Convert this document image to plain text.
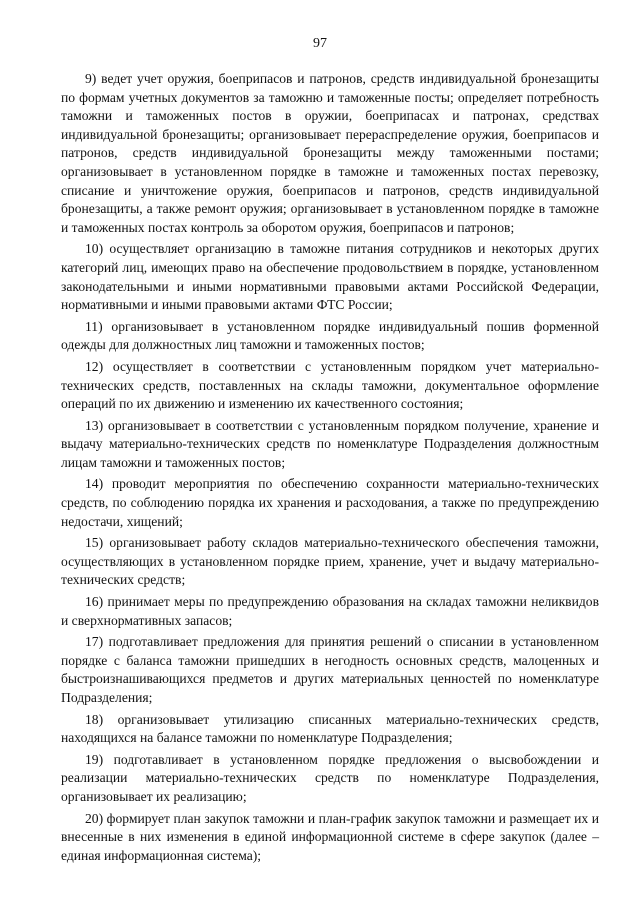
97

9) ведет учет оружия, боеприпасов и патронов, средств индивидуальной бронезащиты по формам учетных документов за таможню и таможенные посты; определяет потребность таможни и таможенных постов в оружии, боеприпасах и патронах, средствах индивидуальной бронезащиты; организовывает перераспределение оружия, боеприпасов и патронов, средств индивидуальной бронезащиты между таможенными постами; организовывает в установленном порядке в таможне и таможенных постах перевозку, списание и уничтожение оружия, боеприпасов и патронов, средств индивидуальной бронезащиты, а также ремонт оружия; организовывает в установленном порядке в таможне и таможенных постах контроль за оборотом оружия, боеприпасов и патронов;

10) осуществляет организацию в таможне питания сотрудников и некоторых других категорий лиц, имеющих право на обеспечение продовольствием в порядке, установленном законодательными и иными нормативными правовыми актами Российской Федерации, нормативными и иными правовыми актами ФТС России;

11) организовывает в установленном порядке индивидуальный пошив форменной одежды для должностных лиц таможни и таможенных постов;

12) осуществляет в соответствии с установленным порядком учет материально-технических средств, поставленных на склады таможни, документальное оформление операций по их движению и изменению их качественного состояния;

13) организовывает в соответствии с установленным порядком получение, хранение и выдачу материально-технических средств по номенклатуре Подразделения должностным лицам таможни и таможенных постов;

14) проводит мероприятия по обеспечению сохранности материально-технических средств, по соблюдению порядка их хранения и расходования, а также по предупреждению недостачи, хищений;

15) организовывает работу складов материально-технического обеспечения таможни, осуществляющих в установленном порядке прием, хранение, учет и выдачу материально-технических средств;

16) принимает меры по предупреждению образования на складах таможни неликвидов и сверхнормативных запасов;

17) подготавливает предложения для принятия решений о списании в установленном порядке с баланса таможни пришедших в негодность основных средств, малоценных и быстроизнашивающихся предметов и других материальных ценностей по номенклатуре Подразделения;

18) организовывает утилизацию списанных материально-технических средств, находящихся на балансе таможни по номенклатуре Подразделения;

19) подготавливает в установленном порядке предложения о высвобождении и реализации материально-технических средств по номенклатуре Подразделения, организовывает их реализацию;

20) формирует план закупок таможни и план-график закупок таможни и размещает их и внесенные в них изменения в единой информационной системе в сфере закупок (далее – единая информационная система);
